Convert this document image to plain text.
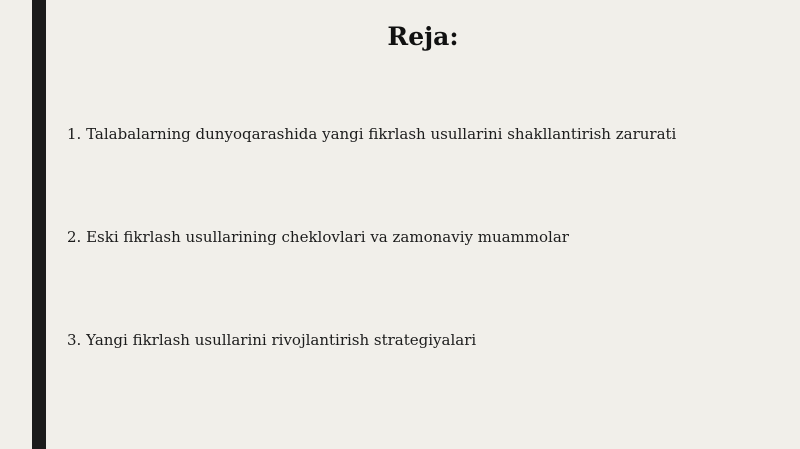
Reja:
1. Talabalarning dunyoqarashida yangi fikrlash usullarini shakllantirish zarurati
2. Eski fikrlash usullarining cheklovlari va zamonaviy muammolar
3. Yangi fikrlash usullarini rivojlantirish strategiyalari
